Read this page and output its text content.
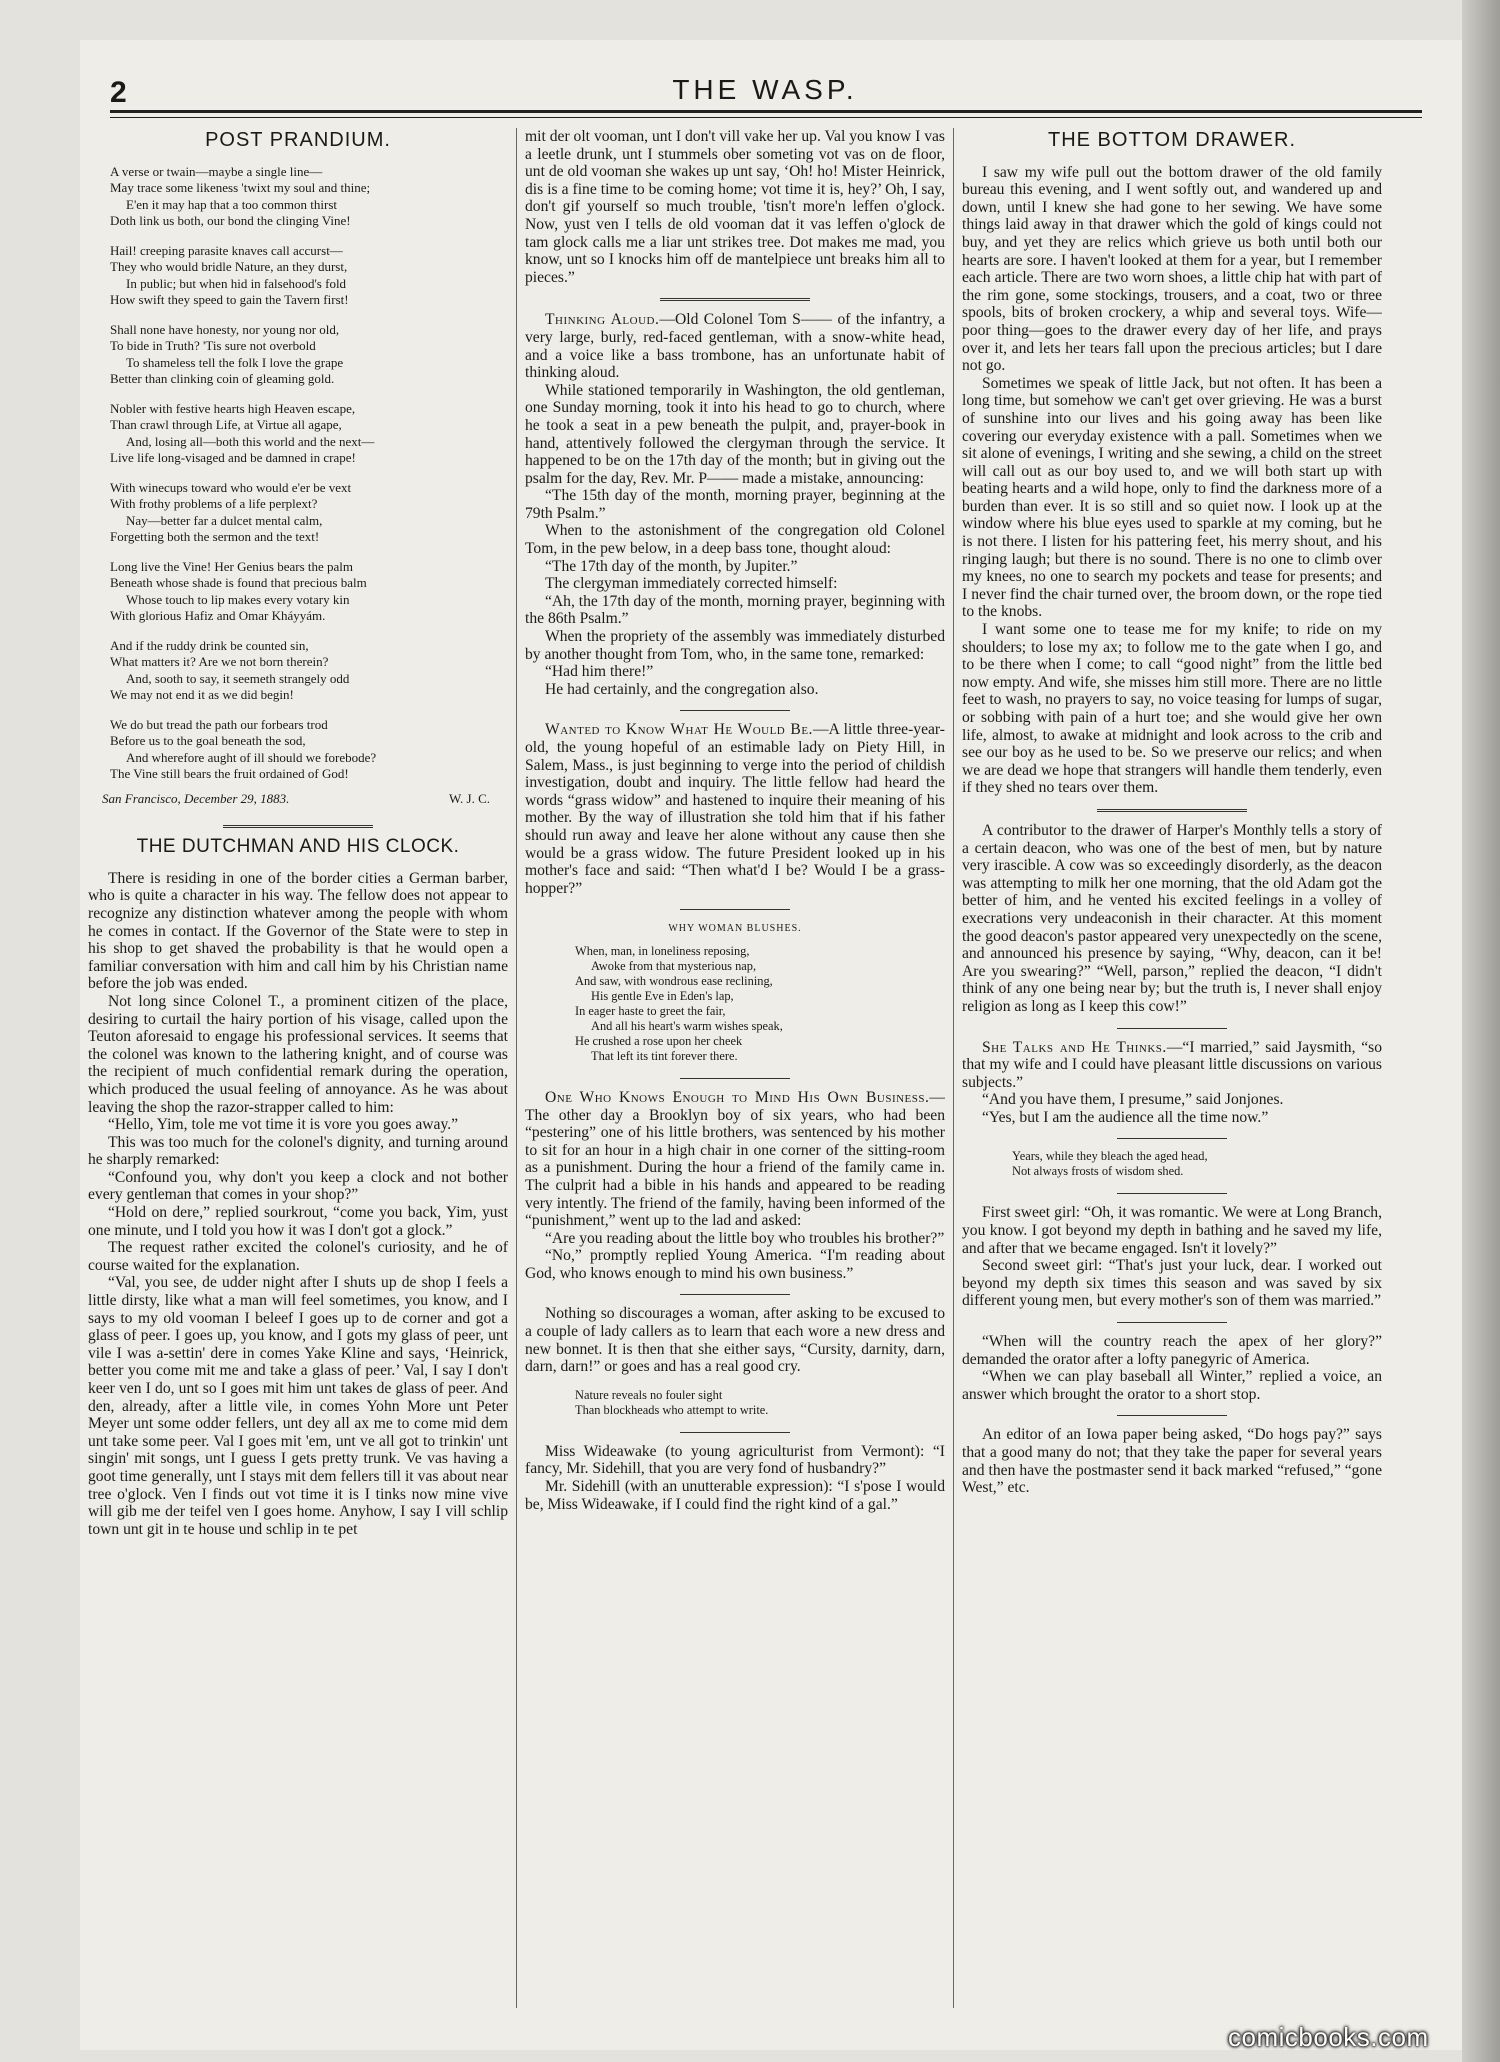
2	THE WASP.
POST PRANDIUM.
A verse or twain—maybe a single line—
May trace some likeness 'twixt my soul and thine;
E'en it may hap that a too common thirst
Doth link us both, our bond the clinging Vine!
Hail! creeping parasite knaves call accurst—
They who would bridle Nature, an they durst,
In public; but when hid in falsehood's fold
How swift they speed to gain the Tavern first!
Shall none have honesty, nor young nor old,
To bide in Truth? 'Tis sure not overbold
To shameless tell the folk I love the grape
Better than clinking coin of gleaming gold.
Nobler with festive hearts high Heaven escape,
Than crawl through Life, at Virtue all agape,
And, losing all—both this world and the next—
Live life long-visaged and be damned in crape!
With winecups toward who would e'er be vext
With frothy problems of a life perplext?
Nay—better far a dulcet mental calm,
Forgetting both the sermon and the text!
Long live the Vine! Her Genius bears the palm
Beneath whose shade is found that precious balm
Whose touch to lip makes every votary kin
With glorious Hafiz and Omar Kháyyám.
And if the ruddy drink be counted sin,
What matters it? Are we not born therein?
And, sooth to say, it seemeth strangely odd
We may not end it as we did begin!
We do but tread the path our forbears trod
Before us to the goal beneath the sod,
And wherefore aught of ill should we forebode?
The Vine still bears the fruit ordained of God!
San Francisco, December 29, 1883.	W. J. C.
THE DUTCHMAN AND HIS CLOCK.

There is residing in one of the border cities a German barber, who is quite a character in his way. The fellow does not appear to recognize any distinction whatever among the people with whom he comes in contact. If the Governor of the State were to step in his shop to get shaved the probability is that he would open a familiar conversation with him and call him by his Christian name before the job was ended.

Not long since Colonel T., a prominent citizen of the place, desiring to curtail the hairy portion of his visage, called upon the Teuton aforesaid to engage his professional services. It seems that the colonel was known to the lathering knight, and of course was the recipient of much confidential remark during the operation, which produced the usual feeling of annoyance. As he was about leaving the shop the razor-strapper called to him:

“Hello, Yim, tole me vot time it is vore you goes away.”

This was too much for the colonel's dignity, and turning around he sharply remarked:

“Confound you, why don't you keep a clock and not bother every gentleman that comes in your shop?”

“Hold on dere,” replied sourkrout, “come you back, Yim, yust one minute, und I told you how it was I don't got a glock.”

The request rather excited the colonel's curiosity, and he of course waited for the explanation.

“Val, you see, de udder night after I shuts up de shop I feels a little dirsty, like what a man will feel sometimes, you know, and I says to my old vooman I beleef I goes up to de corner and got a glass of peer. I goes up, you know, and I gots my glass of peer, unt vile I was a-settin' dere in comes Yake Kline and says, ‘Heinrick, better you come mit me and take a glass of peer.’ Val, I say I don't keer ven I do, unt so I goes mit him unt takes de glass of peer. And den, already, after a little vile, in comes Yohn More unt Peter Meyer unt some odder fellers, unt dey all ax me to come mid dem unt take some peer. Val I goes mit 'em, unt ve all got to trinkin' unt singin' mit songs, unt I guess I gets pretty trunk. Ve vas having a goot time generally, unt I stays mit dem fellers till it vas about near tree o'glock. Ven I finds out vot time it is I tinks now mine vive will gib me der teifel ven I goes home. Anyhow, I say I vill schlip town unt git in te house und schlip in te pet

mit der olt vooman, unt I don't vill vake her up. Val you know I vas a leetle drunk, unt I stummels ober someting vot vas on de floor, unt de old vooman she wakes up unt say, ‘Oh! ho! Mister Heinrick, dis is a fine time to be coming home; vot time it is, hey?’ Oh, I say, don't gif yourself so much trouble, 'tisn't more'n leffen o'glock. Now, yust ven I tells de old vooman dat it vas leffen o'glock de tam glock calls me a liar unt strikes tree. Dot makes me mad, you know, unt so I knocks him off de mantelpiece unt breaks him all to pieces.”

Thinking Aloud.—Old Colonel Tom S—— of the infantry, a very large, burly, red-faced gentleman, with a snow-white head, and a voice like a bass trombone, has an unfortunate habit of thinking aloud.

While stationed temporarily in Washington, the old gentleman, one Sunday morning, took it into his head to go to church, where he took a seat in a pew beneath the pulpit, and, prayer-book in hand, attentively followed the clergyman through the service. It happened to be on the 17th day of the month; but in giving out the psalm for the day, Rev. Mr. P—— made a mistake, announcing:

“The 15th day of the month, morning prayer, beginning at the 79th Psalm.”

When to the astonishment of the congregation old Colonel Tom, in the pew below, in a deep bass tone, thought aloud:

“The 17th day of the month, by Jupiter.”

The clergyman immediately corrected himself:

“Ah, the 17th day of the month, morning prayer, beginning with the 86th Psalm.”

When the propriety of the assembly was immediately disturbed by another thought from Tom, who, in the same tone, remarked:

“Had him there!”

He had certainly, and the congregation also.

Wanted to Know What He Would Be.—A little three-year-old, the young hopeful of an estimable lady on Piety Hill, in Salem, Mass., is just beginning to verge into the period of childish investigation, doubt and inquiry. The little fellow had heard the words “grass widow” and hastened to inquire their meaning of his mother. By the way of illustration she told him that if his father should run away and leave her alone without any cause then she would be a grass widow. The future President looked up in his mother's face and said: “Then what'd I be? Would I be a grass-hopper?”

WHY WOMAN BLUSHES.
When, man, in loneliness reposing,
Awoke from that mysterious nap,
And saw, with wondrous ease reclining,
His gentle Eve in Eden's lap,
In eager haste to greet the fair,
And all his heart's warm wishes speak,
He crushed a rose upon her cheek
That left its tint forever there.

One Who Knows Enough to Mind His Own Business.—The other day a Brooklyn boy of six years, who had been “pestering” one of his little brothers, was sentenced by his mother to sit for an hour in a high chair in one corner of the sitting-room as a punishment. During the hour a friend of the family came in. The culprit had a bible in his hands and appeared to be reading very intently. The friend of the family, having been informed of the “punishment,” went up to the lad and asked:

“Are you reading about the little boy who troubles his brother?”

“No,” promptly replied Young America. “I'm reading about God, who knows enough to mind his own business.”

Nothing so discourages a woman, after asking to be excused to a couple of lady callers as to learn that each wore a new dress and new bonnet. It is then that she either says, “Cursity, darnity, darn, darn, darn!” or goes and has a real good cry.

Nature reveals no fouler sight
Than blockheads who attempt to write.

Miss Wideawake (to young agriculturist from Vermont): “I fancy, Mr. Sidehill, that you are very fond of husbandry?”

Mr. Sidehill (with an unutterable expression): “I s'pose I would be, Miss Wideawake, if I could find the right kind of a gal.”

THE BOTTOM DRAWER.

I saw my wife pull out the bottom drawer of the old family bureau this evening, and I went softly out, and wandered up and down, until I knew she had gone to her sewing. We have some things laid away in that drawer which the gold of kings could not buy, and yet they are relics which grieve us both until both our hearts are sore. I haven't looked at them for a year, but I remember each article. There are two worn shoes, a little chip hat with part of the rim gone, some stockings, trousers, and a coat, two or three spools, bits of broken crockery, a whip and several toys. Wife—poor thing—goes to the drawer every day of her life, and prays over it, and lets her tears fall upon the precious articles; but I dare not go.

Sometimes we speak of little Jack, but not often. It has been a long time, but somehow we can't get over grieving. He was a burst of sunshine into our lives and his going away has been like covering our everyday existence with a pall. Sometimes when we sit alone of evenings, I writing and she sewing, a child on the street will call out as our boy used to, and we will both start up with beating hearts and a wild hope, only to find the darkness more of a burden than ever. It is so still and so quiet now. I look up at the window where his blue eyes used to sparkle at my coming, but he is not there. I listen for his pattering feet, his merry shout, and his ringing laugh; but there is no sound. There is no one to climb over my knees, no one to search my pockets and tease for presents; and I never find the chair turned over, the broom down, or the rope tied to the knobs.

I want some one to tease me for my knife; to ride on my shoulders; to lose my ax; to follow me to the gate when I go, and to be there when I come; to call “good night” from the little bed now empty. And wife, she misses him still more. There are no little feet to wash, no prayers to say, no voice teasing for lumps of sugar, or sobbing with pain of a hurt toe; and she would give her own life, almost, to awake at midnight and look across to the crib and see our boy as he used to be. So we preserve our relics; and when we are dead we hope that strangers will handle them tenderly, even if they shed no tears over them.

A contributor to the drawer of Harper's Monthly tells a story of a certain deacon, who was one of the best of men, but by nature very irascible. A cow was so exceedingly disorderly, as the deacon was attempting to milk her one morning, that the old Adam got the better of him, and he vented his excited feelings in a volley of execrations very undeaconish in their character. At this moment the good deacon's pastor appeared very unexpectedly on the scene, and announced his presence by saying, “Why, deacon, can it be! Are you swearing?” “Well, parson,” replied the deacon, “I didn't think of any one being near by; but the truth is, I never shall enjoy religion as long as I keep this cow!”

She Talks and He Thinks.—“I married,” said Jaysmith, “so that my wife and I could have pleasant little discussions on various subjects.”

“And you have them, I presume,” said Jonjones.

“Yes, but I am the audience all the time now.”

Years, while they bleach the aged head,
Not always frosts of wisdom shed.

First sweet girl: “Oh, it was romantic. We were at Long Branch, you know. I got beyond my depth in bathing and he saved my life, and after that we became engaged. Isn't it lovely?”

Second sweet girl: “That's just your luck, dear. I worked out beyond my depth six times this season and was saved by six different young men, but every mother's son of them was married.”

“When will the country reach the apex of her glory?” demanded the orator after a lofty panegyric of America.

“When we can play baseball all Winter,” replied a voice, an answer which brought the orator to a short stop.

An editor of an Iowa paper being asked, “Do hogs pay?” says that a good many do not; that they take the paper for several years and then have the postmaster send it back marked “refused,” “gone West,” etc.

comicbooks.com
